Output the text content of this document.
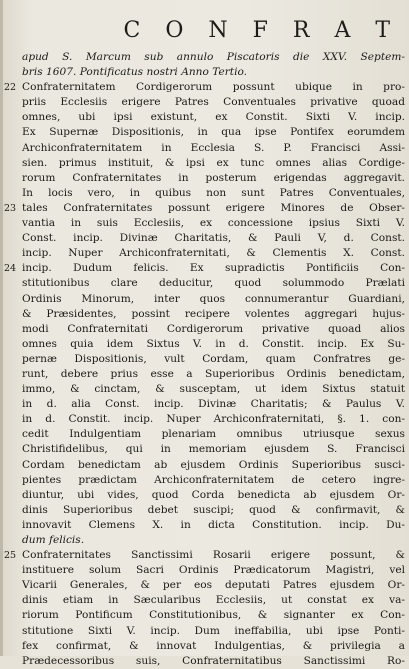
C O N F R A T
apud S. Marcum sub annulo Piscatoris die XXV. Septem-
bris 1607. Pontificatus nostri Anno Tertio.
22 Confraternitatem Cordigerorum possunt ubique in pro-
priis Ecclesiis erigere Patres Conventuales privative quoad
omnes, ubi ipsi existunt, ex Constit. Sixti V. incip.
Ex Supernæ Dispositionis, in qua ipse Pontifex eorumdem
Archiconfraternitatem in Ecclesia S. P. Francisci Assi-
sien. primus instituit, & ipsi ex tunc omnes alias Cordige-
rorum Confraternitates in posterum erigendas aggregavit.
In locis vero, in quibus non sunt Patres Conventuales,
23 tales Confraternitates possunt erigere Minores de Obser-
vantia in suis Ecclesiis, ex concessione ipsius Sixti V.
Const. incip. Divinæ Charitatis, & Pauli V, d. Const.
incip. Nuper Archiconfraternitati, & Clementis X. Const.
24 incip. Dudum felicis. Ex supradictis Pontificiis Con-
stitutionibus clare deducitur, quod solummodo Prælati
Ordinis Minorum, inter quos connumerantur Guardiani,
& Præsidentes, possint recipere volentes aggregari hujus-
modi Confraternitati Cordigerorum privative quoad alios
omnes quia idem Sixtus V. in d. Constit. incip. Ex Su-
pernæ Dispositionis, vult Cordam, quam Confratres ge-
runt, debere prius esse a Superioribus Ordinis benedictam,
immo, & cinctam, & susceptam, ut idem Sixtus statuit
in d. alia Const. incip. Divinæ Charitatis; & Paulus V.
in d. Constit. incip. Nuper Archiconfraternitati, §. 1. con-
cedit Indulgentiam plenariam omnibus utriusque sexus
Christifidelibus, qui in memoriam ejusdem S. Francisci
Cordam benedictam ab ejusdem Ordinis Superioribus susci-
pientes prædictam Archiconfraternitatem de cetero ingre-
diuntur, ubi vides, quod Corda benedicta ab ejusdem Or-
dinis Superioribus debet suscipi; quod & confirmavit, &
innovavit Clemens X. in dicta Constitution. incip. Du-
dum felicis.
25 Confraternitates Sanctissimi Rosarii erigere possunt, &
instituere solum Sacri Ordinis Prædicatorum Magistri, vel
Vicarii Generales, & per eos deputati Patres ejusdem Or-
dinis etiam in Sæcularibus Ecclesiis, ut constat ex va-
riorum Pontificum Constitutionibus, & signanter ex Con-
stitutione Sixti V. incip. Dum ineffabilia, ubi ipse Ponti-
fex confirmat, & innovat Indulgentias, & privilegia a
Prædecessoribus suis, Confraternitatibus Sanctissimi Ro-
